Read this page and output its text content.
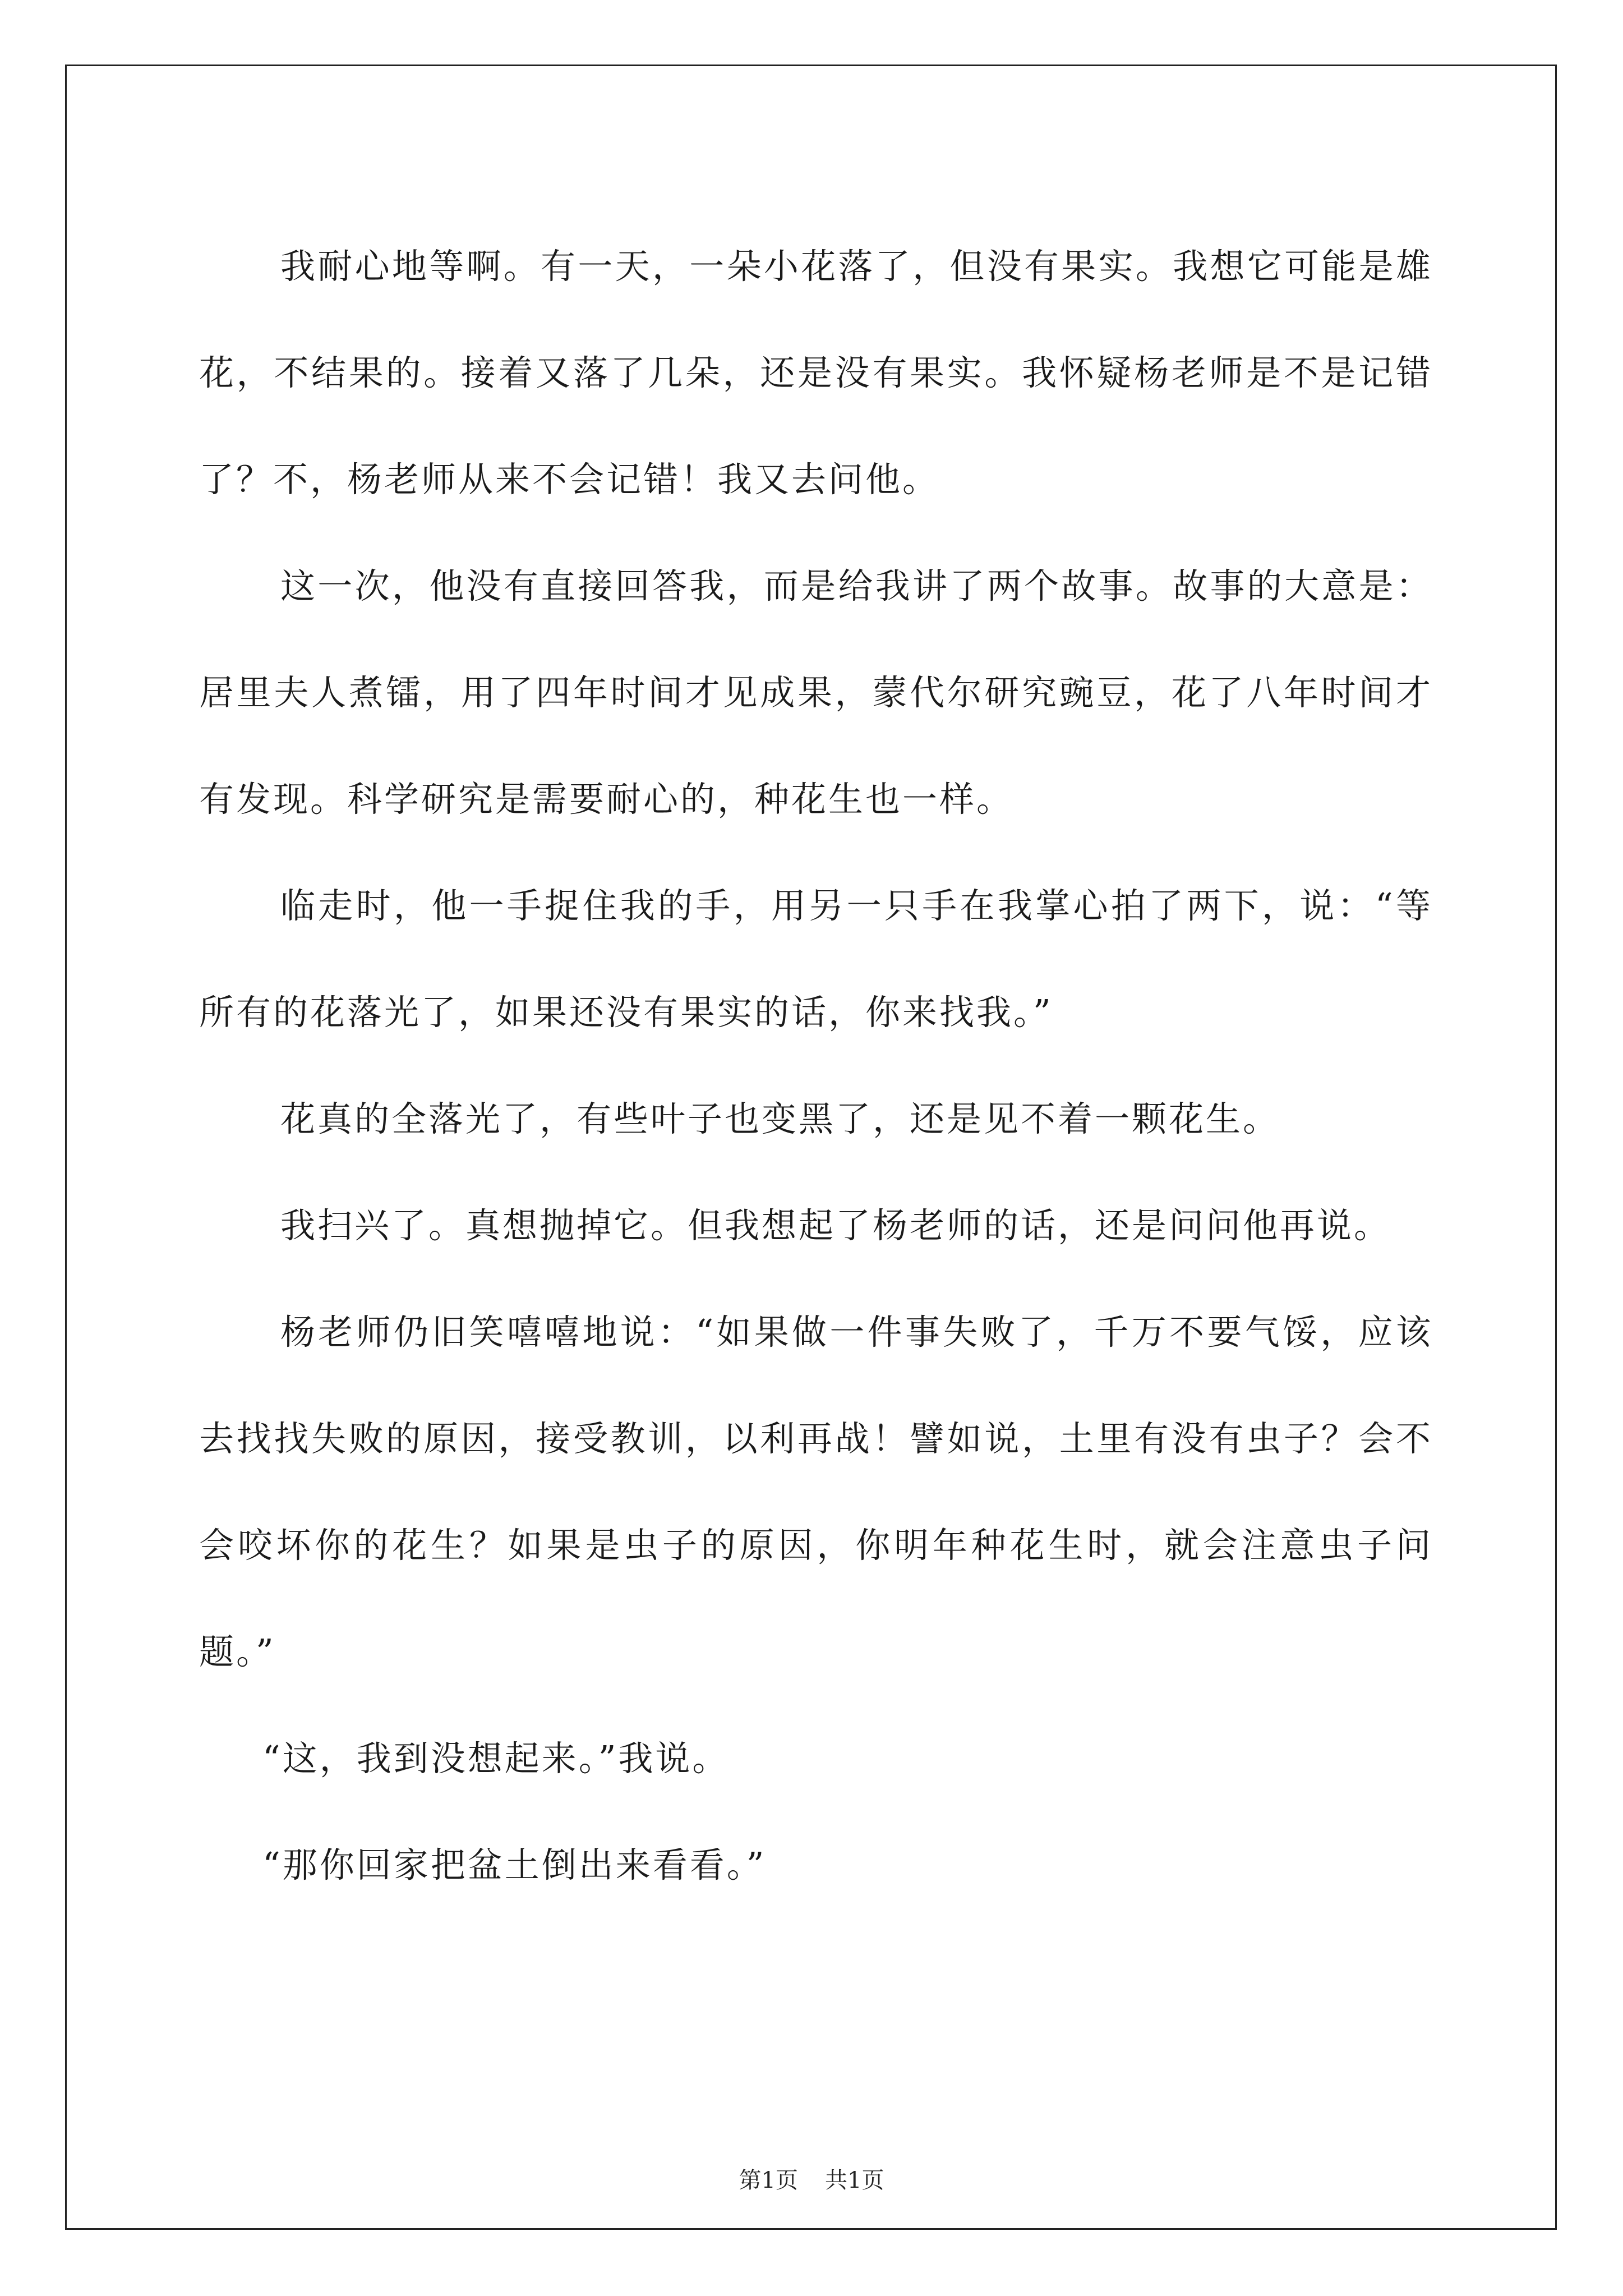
我耐心地等啊。有一天，一朵小花落了，但没有果实。我想它可能是雄花，不结果的。接着又落了几朵，还是没有果实。我怀疑杨老师是不是记错了？不，杨老师从来不会记错！我又去问他。

这一次，他没有直接回答我，而是给我讲了两个故事。故事的大意是：居里夫人煮镭，用了四年时间才见成果，蒙代尔研究豌豆，花了八年时间才有发现。科学研究是需要耐心的，种花生也一样。

临走时，他一手捉住我的手，用另一只手在我掌心拍了两下，说：“等所有的花落光了，如果还没有果实的话，你来找我。”

花真的全落光了，有些叶子也变黑了，还是见不着一颗花生。

我扫兴了。真想抛掉它。但我想起了杨老师的话，还是问问他再说。

杨老师仍旧笑嘻嘻地说：“如果做一件事失败了，千万不要气馁，应该去找找失败的原因，接受教训，以利再战！譬如说，土里有没有虫子？会不会咬坏你的花生？如果是虫子的原因，你明年种花生时，就会注意虫子问题。”

“这，我到没想起来。”我说。

“那你回家把盆土倒出来看看。”

第1页 共1页
